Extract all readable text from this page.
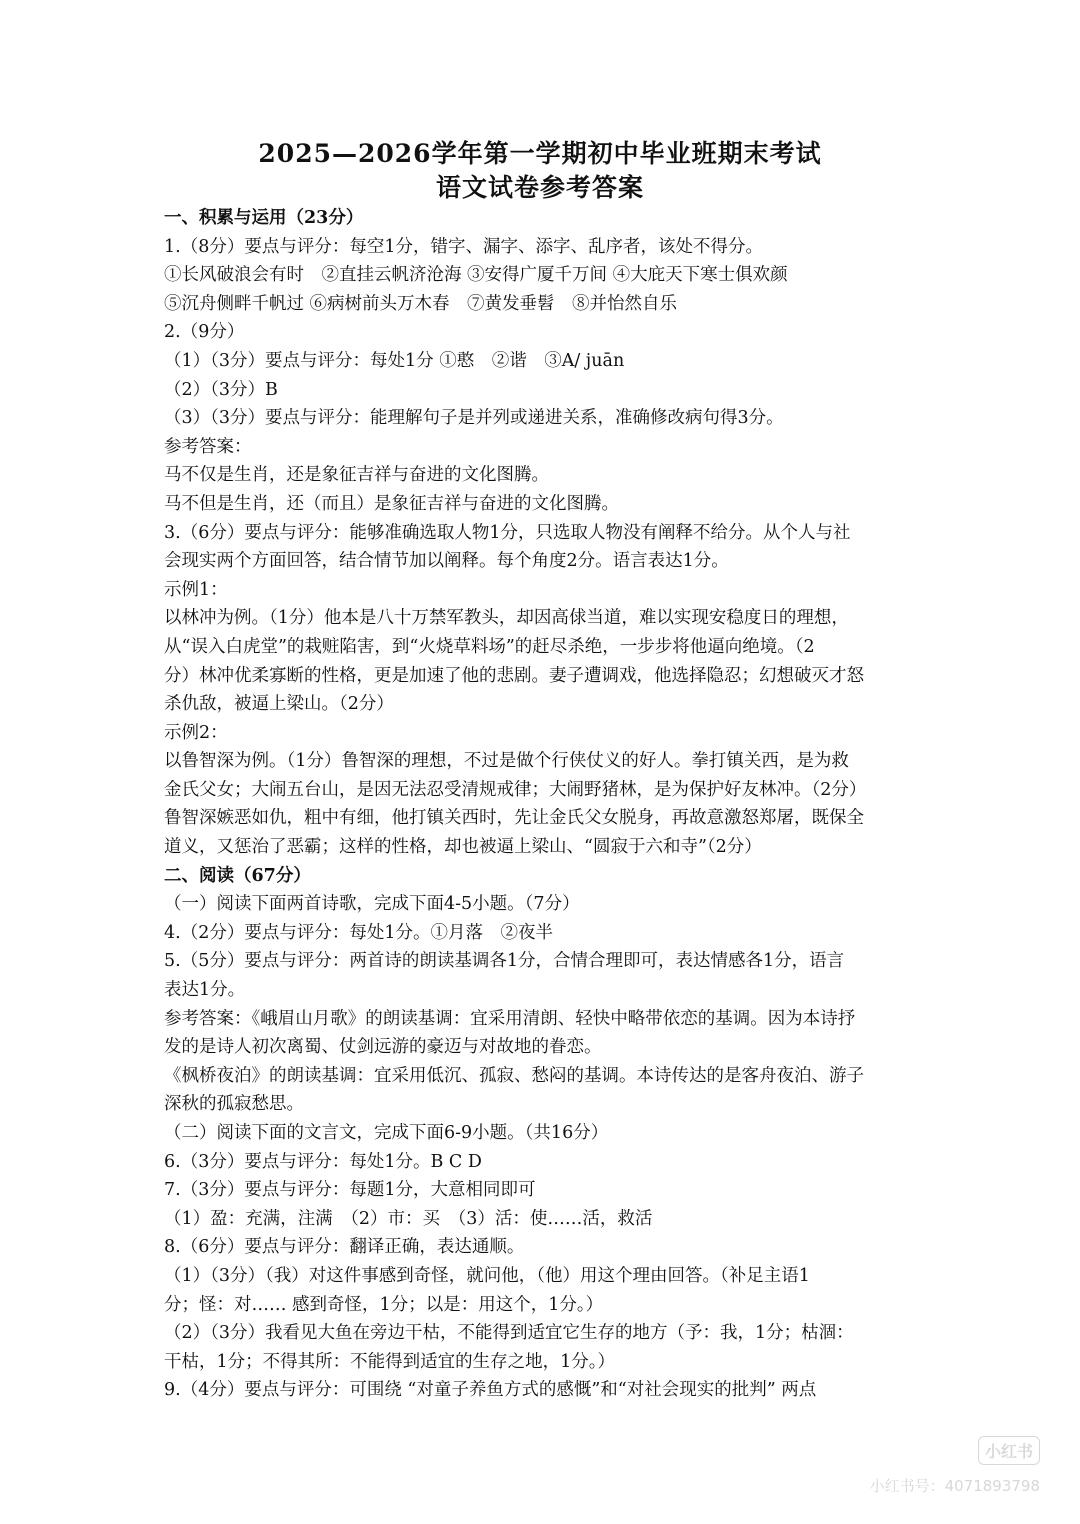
2025—2026学年第一学期初中毕业班期末考试
语文试卷参考答案
一、积累与运用（23分）
1.（8分）要点与评分：每空1分，错字、漏字、添字、乱序者，该处不得分。
①长风破浪会有时　②直挂云帆济沧海 ③安得广厦千万间 ④大庇天下寒士俱欢颜
⑤沉舟侧畔千帆过 ⑥病树前头万木春　⑦黄发垂髫　⑧并怡然自乐
2.（9分）
（1）（3分）要点与评分：每处1分 ①憨　②谐　③A/ juān
（2）（3分）B
（3）（3分）要点与评分：能理解句子是并列或递进关系，准确修改病句得3分。
参考答案：
马不仅是生肖，还是象征吉祥与奋进的文化图腾。
马不但是生肖，还（而且）是象征吉祥与奋进的文化图腾。
3.（6分）要点与评分：能够准确选取人物1分，只选取人物没有阐释不给分。从个人与社
会现实两个方面回答，结合情节加以阐释。每个角度2分。语言表达1分。
示例1：
以林冲为例。（1分）他本是八十万禁军教头，却因高俅当道，难以实现安稳度日的理想，
从“误入白虎堂”的栽赃陷害，到“火烧草料场”的赶尽杀绝，一步步将他逼向绝境。（2
分）林冲优柔寡断的性格，更是加速了他的悲剧。妻子遭调戏，他选择隐忍；幻想破灭才怒
杀仇敌，被逼上梁山。（2分）
示例2：
以鲁智深为例。（1分）鲁智深的理想，不过是做个行侠仗义的好人。拳打镇关西，是为救
金氏父女；大闹五台山，是因无法忍受清规戒律；大闹野猪林，是为保护好友林冲。（2分）
鲁智深嫉恶如仇，粗中有细，他打镇关西时，先让金氏父女脱身，再故意激怒郑屠，既保全
道义，又惩治了恶霸；这样的性格，却也被逼上梁山、“圆寂于六和寺”（2分）
二、阅读（67分）
（一）阅读下面两首诗歌，完成下面4-5小题。（7分）
4.（2分）要点与评分：每处1分。①月落　②夜半
5.（5分）要点与评分：两首诗的朗读基调各1分，合情合理即可，表达情感各1分，语言
表达1分。
参考答案：《峨眉山月歌》的朗读基调：宜采用清朗、轻快中略带依恋的基调。因为本诗抒
发的是诗人初次离蜀、仗剑远游的豪迈与对故地的眷恋。
《枫桥夜泊》的朗读基调：宜采用低沉、孤寂、愁闷的基调。本诗传达的是客舟夜泊、游子
深秋的孤寂愁思。
（二）阅读下面的文言文，完成下面6-9小题。（共16分）
6.（3分）要点与评分：每处1分。B C D
7.（3分）要点与评分：每题1分，大意相同即可
（1）盈：充满，注满　（2）市：买　（3）活：使……活，救活
8.（6分）要点与评分：翻译正确，表达通顺。
（1）（3分）（我）对这件事感到奇怪，就问他，（他）用这个理由回答。（补足主语1
分；怪：对…… 感到奇怪，1分；以是：用这个，1分。）
（2）（3分）我看见大鱼在旁边干枯，不能得到适宜它生存的地方（予：我，1分；枯涸：
干枯，1分；不得其所：不能得到适宜的生存之地，1分。）
9.（4分）要点与评分：可围绕 “对童子养鱼方式的感慨”和“对社会现实的批判” 两点
小红书
小红书号：4071893798
